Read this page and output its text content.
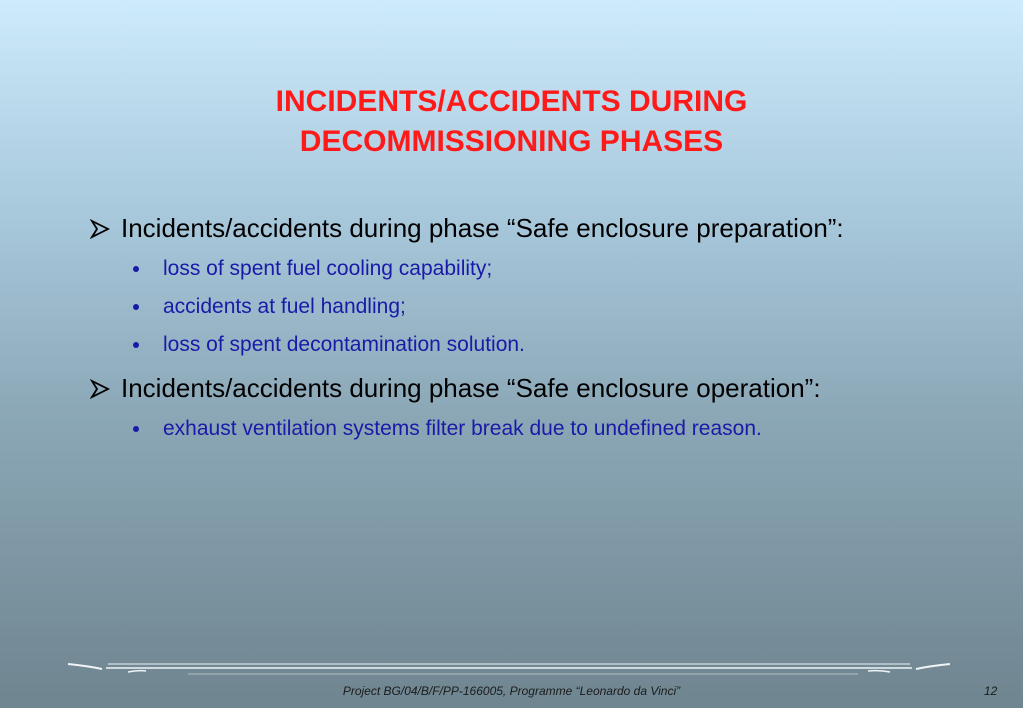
INCIDENTS/ACCIDENTS DURING
DECOMMISSIONING PHASES
Incidents/accidents during phase “Safe enclosure preparation”:
loss of spent fuel cooling capability;
accidents at fuel handling;
loss of spent decontamination solution.
Incidents/accidents during phase “Safe enclosure operation”:
exhaust ventilation systems filter break due to undefined reason.
Project BG/04/B/F/PP-166005, Programme “Leonardo da Vinci”	12
